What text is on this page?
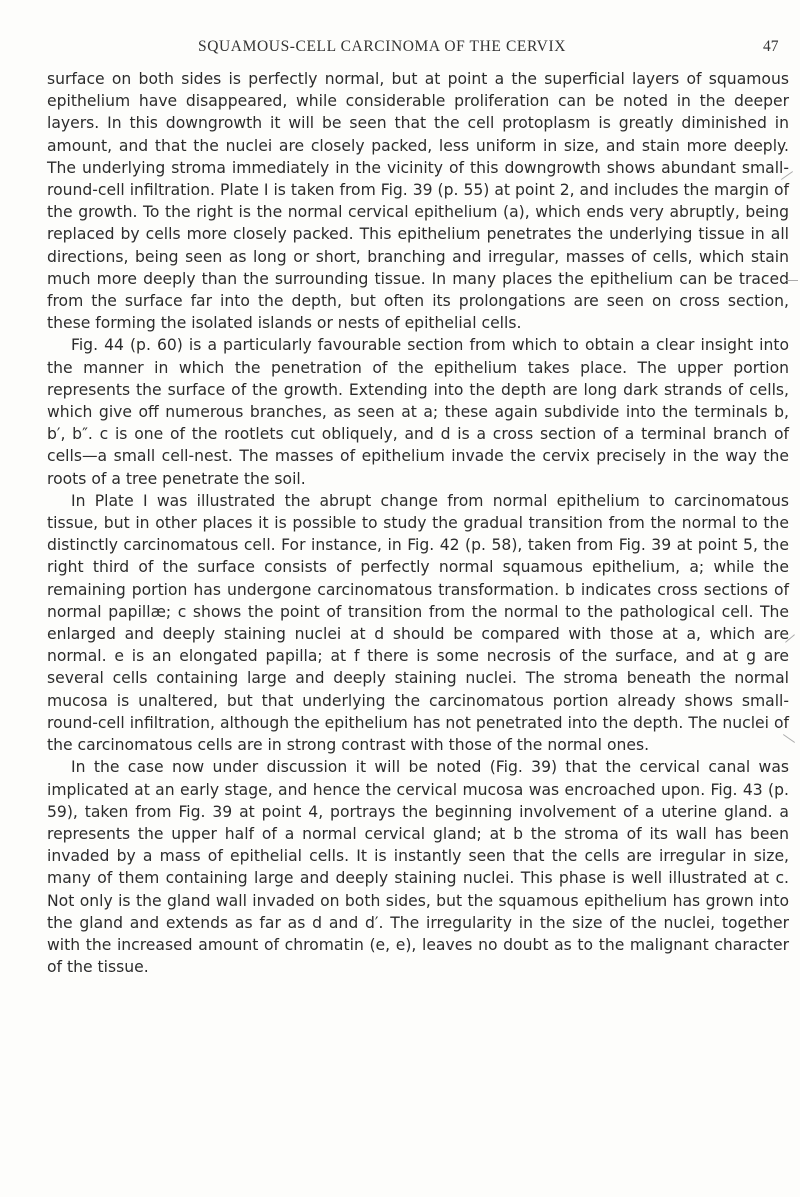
SQUAMOUS-CELL CARCINOMA OF THE CERVIX	47

surface on both sides is perfectly normal, but at point a the superficial layers of squamous epithelium have disappeared, while considerable proliferation can be noted in the deeper layers. In this downgrowth it will be seen that the cell protoplasm is greatly diminished in amount, and that the nuclei are closely packed, less uniform in size, and stain more deeply. The underlying stroma immediately in the vicinity of this downgrowth shows abundant small-round-cell infiltration. Plate I is taken from Fig. 39 (p. 55) at point 2, and includes the margin of the growth. To the right is the normal cervical epithelium (a), which ends very abruptly, being replaced by cells more closely packed. This epithelium penetrates the underlying tissue in all directions, being seen as long or short, branching and irregular, masses of cells, which stain much more deeply than the surrounding tissue. In many places the epithelium can be traced from the surface far into the depth, but often its prolongations are seen on cross section, these forming the isolated islands or nests of epithelial cells.

Fig. 44 (p. 60) is a particularly favourable section from which to obtain a clear insight into the manner in which the penetration of the epithelium takes place. The upper portion represents the surface of the growth. Extending into the depth are long dark strands of cells, which give off numerous branches, as seen at a; these again subdivide into the terminals b, b′, b″. c is one of the rootlets cut obliquely, and d is a cross section of a terminal branch of cells—a small cell-nest. The masses of epithelium invade the cervix precisely in the way the roots of a tree penetrate the soil.

In Plate I was illustrated the abrupt change from normal epithelium to carcinomatous tissue, but in other places it is possible to study the gradual transition from the normal to the distinctly carcinomatous cell. For instance, in Fig. 42 (p. 58), taken from Fig. 39 at point 5, the right third of the surface consists of perfectly normal squamous epithelium, a; while the remaining portion has undergone carcinomatous transformation. b indicates cross sections of normal papillæ; c shows the point of transition from the normal to the pathological cell. The enlarged and deeply staining nuclei at d should be compared with those at a, which are normal. e is an elongated papilla; at f there is some necrosis of the surface, and at g are several cells containing large and deeply staining nuclei. The stroma beneath the normal mucosa is unaltered, but that underlying the carcinomatous portion already shows small-round-cell infiltration, although the epithelium has not penetrated into the depth. The nuclei of the carcinomatous cells are in strong contrast with those of the normal ones.

In the case now under discussion it will be noted (Fig. 39) that the cervical canal was implicated at an early stage, and hence the cervical mucosa was encroached upon. Fig. 43 (p. 59), taken from Fig. 39 at point 4, portrays the beginning involvement of a uterine gland. a represents the upper half of a normal cervical gland; at b the stroma of its wall has been invaded by a mass of epithelial cells. It is instantly seen that the cells are irregular in size, many of them containing large and deeply staining nuclei. This phase is well illustrated at c. Not only is the gland wall invaded on both sides, but the squamous epithelium has grown into the gland and extends as far as d and d′. The irregularity in the size of the nuclei, together with the increased amount of chromatin (e, e), leaves no doubt as to the malignant character of the tissue.
